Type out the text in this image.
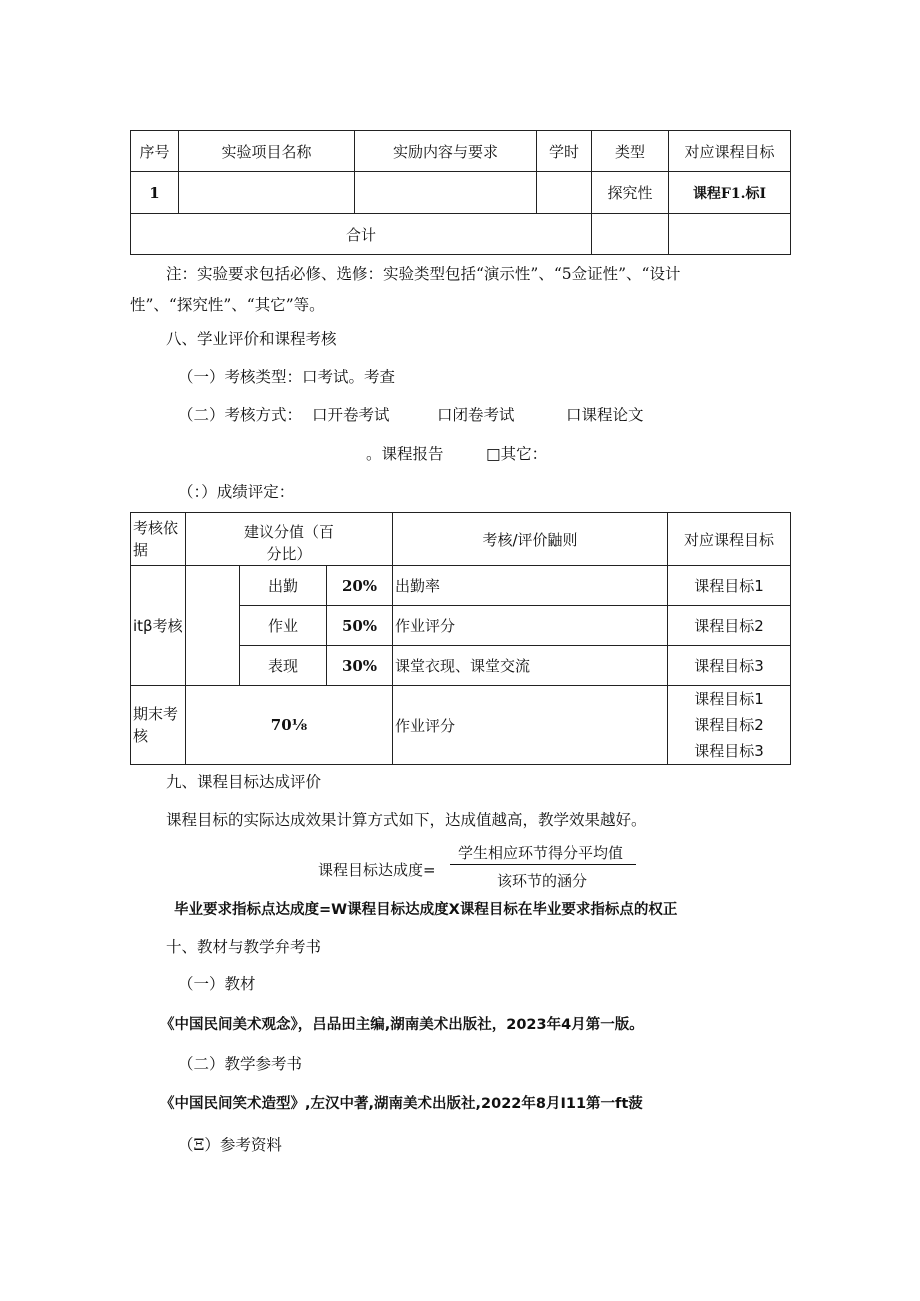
序号	实验项目名称	实励内容与要求	学时	类型	对应课程目标
1				探究性	课程F1.标I
合计					
注：实验要求包括必修、选修：实验类型包括“演示性”、“5佥证性”、“设计
性”、“探究性”、“其它”等。
八、学业评价和课程考核
（一）考核类型：口考试。考查
（二）考核方式： 口开卷考试	口闭卷考试	口课程论文
。课程报告	□其它：
（：）成绩评定：
考核依据	建议分值（百分比）			考核/评价鼬则	对应课程目标
itβ考核		出勤	20%	出勤率	课程目标1
		作业	50%	作业评分	课程目标2
		表现	30%	课堂衣现、课堂交流	课程目标3

期末考核	70⅛			作业评分	课程目标1
课程目标2
课程目标3
九、课程目标达成评价
课程目标的实际达成效果计算方式如下，达成值越高，教学效果越好。
课程目标达成度=
学生相应环节得分平均值
该环节的涵分
毕业要求指标点达成度=W课程目标达成度X课程目标在毕业要求指标点的权正
十、教材与教学弁考书
（一）教材
《中国民间美术观念》，吕品田主编,湖南美术出版社，2023年4月第一版。
（二）教学参考书
《中国民间笑术造型》,左汉中著,湖南美术出版社,2022年8月I11第一ft菠
（Ξ）参考资料
